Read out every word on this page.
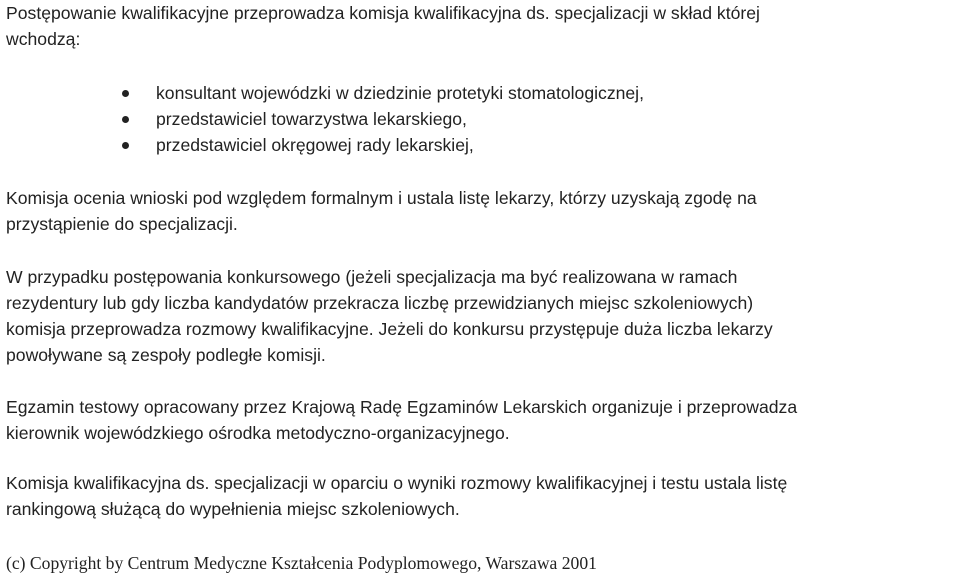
Postępowanie kwalifikacyjne przeprowadza komisja kwalifikacyjna ds. specjalizacji w skład której
wchodzą:

konsultant wojewódzki w dziedzinie protetyki stomatologicznej,
przedstawiciel towarzystwa lekarskiego,
przedstawiciel okręgowej rady lekarskiej,

Komisja ocenia wnioski pod względem formalnym i ustala listę lekarzy, którzy uzyskają zgodę na
przystąpienie do specjalizacji.

W przypadku postępowania konkursowego (jeżeli specjalizacja ma być realizowana w ramach
rezydentury lub gdy liczba kandydatów przekracza liczbę przewidzianych miejsc szkoleniowych)
komisja przeprowadza rozmowy kwalifikacyjne. Jeżeli do konkursu przystępuje duża liczba lekarzy
powoływane są zespoły podległe komisji.

Egzamin testowy opracowany przez Krajową Radę Egzaminów Lekarskich organizuje i przeprowadza
kierownik wojewódzkiego ośrodka metodyczno-organizacyjnego.

Komisja kwalifikacyjna ds. specjalizacji w oparciu o wyniki rozmowy kwalifikacyjnej i testu ustala listę
rankingową służącą do wypełnienia miejsc szkoleniowych.

(c) Copyright by Centrum Medyczne Kształcenia Podyplomowego, Warszawa 2001
